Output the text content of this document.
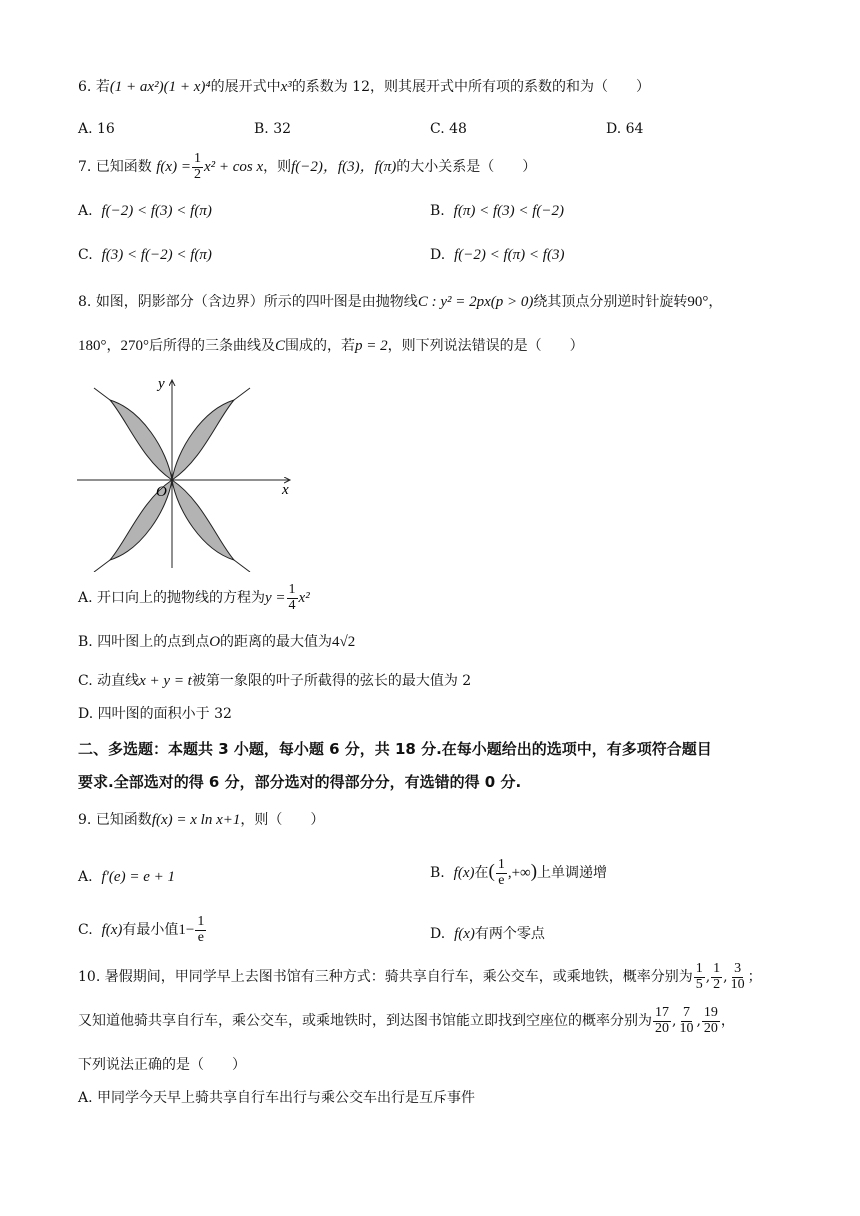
6. 若(1 + ax²)(1 + x)⁴的展开式中x³的系数为 12，则其展开式中所有项的系数的和为（　　）
A. 16	B. 32	C. 48	D. 64
7. 已知函数 $f(x) = \frac{1}{2} x^2 + \cos x$，则f(−2)，f(3)，f(π)的大小关系是（　　）
A. f(−2) < f(3) < f(π)	B. f(π) < f(3) < f(−2)
C. f(3) < f(−2) < f(π)	D. f(−2) < f(π) < f(3)
8. 如图，阴影部分（含边界）所示的四叶图是由抛物线C : y² = 2px(p > 0)绕其顶点分别逆时针旋转90°，
180°，270°后所得的三条曲线及C围成的，若p = 2，则下列说法错误的是（　　）
x
y
O
A. 开口向上的抛物线的方程为$y = \frac{1}{4} x^2$
B. 四叶图上的点到点O的距离的最大值为4√2
C. 动直线x + y = t被第一象限的叶子所截得的弦长的最大值为 2
D. 四叶图的面积小于 32
二、多选题：本题共 3 小题，每小题 6 分，共 18 分.在每小题给出的选项中，有多项符合题目
要求.全部选对的得 6 分，部分选对的得部分分，有选错的得 0 分.
9. 已知函数f(x) = x ln x+1，则（　　）
A. f′(e) = e + 1	B. f(x)在( $\frac{1}{e}$ ,+∞)上单调递增
C. f(x)有最小值$1- \frac{1}{e}$	D. f(x)有两个零点
10. 暑假期间，甲同学早上去图书馆有三种方式：骑共享自行车，乘公交车，或乘地铁，概率分别为 $\frac{1}{5}$ , $\frac{1}{2}$ , $\frac{3}{10}$ ；
又知道他骑共享自行车，乘公交车，或乘地铁时，到达图书馆能立即找到空座位的概率分别为 $\frac{17}{20}$ , $\frac{7}{10}$ , $\frac{19}{20}$ ，
下列说法正确的是（　　）
A. 甲同学今天早上骑共享自行车出行与乘公交车出行是互斥事件
